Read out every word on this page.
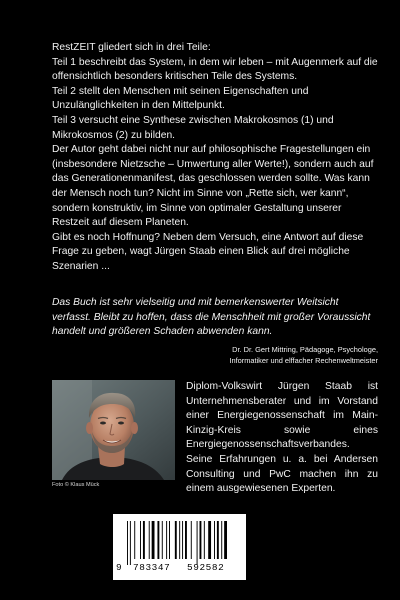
RestZEIT gliedert sich in drei Teile:

Teil 1 beschreibt das System, in dem wir leben – mit Augenmerk auf die offensichtlich besonders kritischen Teile des Systems.

Teil 2 stellt den Menschen mit seinen Eigenschaften und Unzulänglichkeiten in den Mittelpunkt.

Teil 3 versucht eine Synthese zwischen Makrokosmos (1) und Mikrokosmos (2) zu bilden.

Der Autor geht dabei nicht nur auf philosophische Fragestellungen ein (insbesondere Nietzsche – Umwertung aller Werte!), sondern auch auf das Generationenmanifest, das geschlossen werden sollte. Was kann der Mensch noch tun? Nicht im Sinne von „Rette sich, wer kann“, sondern konstruktiv, im Sinne von optimaler Gestaltung unserer Restzeit auf diesem Planeten.

Gibt es noch Hoffnung? Neben dem Versuch, eine Antwort auf diese Frage zu geben, wagt Jürgen Staab einen Blick auf drei mögliche Szenarien ...

Das Buch ist sehr vielseitig und mit bemerkenswerter Weitsicht verfasst. Bleibt zu hoffen, dass die Menschheit mit großer Voraussicht handelt und größeren Schaden abwenden kann.

Dr. Dr. Gert Mittring, Pädagoge, Psychologe,
Informatiker und elffacher Rechenweltmeister
Foto © Klaus Mück

Diplom-Volkswirt Jürgen Staab ist Unternehmensberater und im Vorstand einer Energiegenossenschaft im Main-Kinzig-Kreis sowie eines Energiegenossenschaftsverbandes. Seine Erfahrungen u. a. bei Andersen Consulting und PwC machen ihn zu einem ausgewiesenen Experten.

9 783347 592582
